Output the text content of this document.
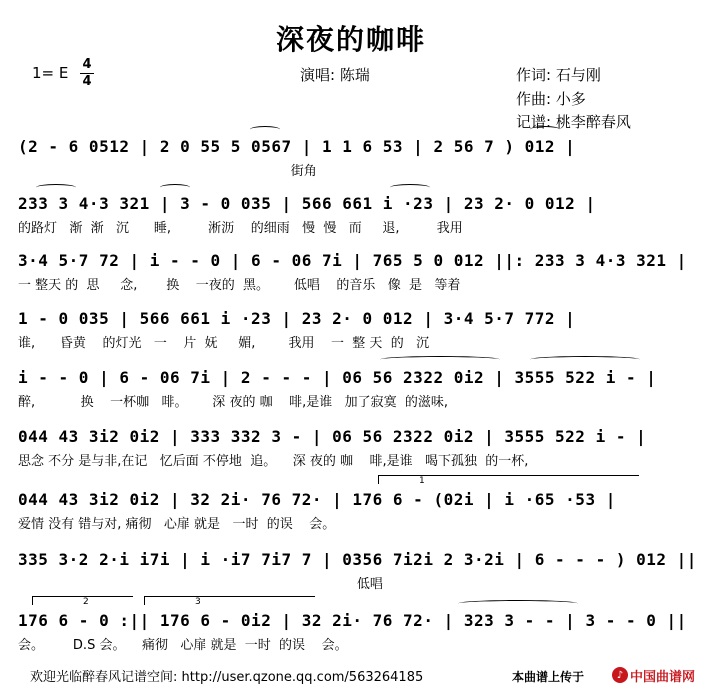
深夜的咖啡
1= E 4
4	演唱: 陈瑞	作词: 石与刚
作曲: 小多
记谱: 桃李醉春风
(2 - 6 0512 | 2 0 55 5 0567 | 1 1 6 53 | 2 56 7 ) 012 |
街角
233 3 4·3 321 | 3 - 0 035 | 566 661 i ·23 | 23 2· 0 012 |
的路灯   渐  渐   沉      睡,         淅沥    的细雨   慢  慢   而     退,         我用
3·4 5·7 72 | i - - 0 | 6 - 06 7i | 765 5 0 012 ||: 233 3 4·3 321 |
一 整天 的  思     念,       换    一夜的  黑。      低唱    的音乐   像  是   等着
1 - 0 035 | 566 661 i ·23 | 23 2· 0 012 | 3·4 5·7 772 |
谁,      昏黄    的灯光   一    片  妩     媚,        我用    一  整 天  的   沉
i - - 0 | 6 - 06 7i | 2 - - - | 06 56 2322 0i2 | 3555 522 i - |
醉,           换    一杯咖   啡。      深 夜的 咖    啡,是谁   加了寂寞  的滋味,
044 43 3i2 0i2 | 333 332 3 - | 06 56 2322 0i2 | 3555 522 i - |
思念 不分 是与非,在记   忆后面 不停地  追。    深 夜的 咖    啡,是谁   喝下孤独  的一杯,
044 43 3i2 0i2 | 32 2i· 76 72· | 176 6 - (02i | i ·65 ·53 |
爱情 没有 错与对, 痛彻   心扉 就是   一时  的误    会。
1
335 3·2 2·i i7i | i ·i7 7i7 7 | 0356 7i2i 2 3·2i | 6 - - - ) 012 ||
低唱
176 6 - 0 :|| 176 6 - 0i2 | 32 2i· 76 72· | 323 3 - - | 3 - - 0 ||
会。       D.S 会。    痛彻   心扉 就是  一时  的误    会。
2	3
欢迎光临醉春风记谱空间: http://user.qzone.qq.com/563264185	本曲谱上传于	♪ 中国曲谱网
